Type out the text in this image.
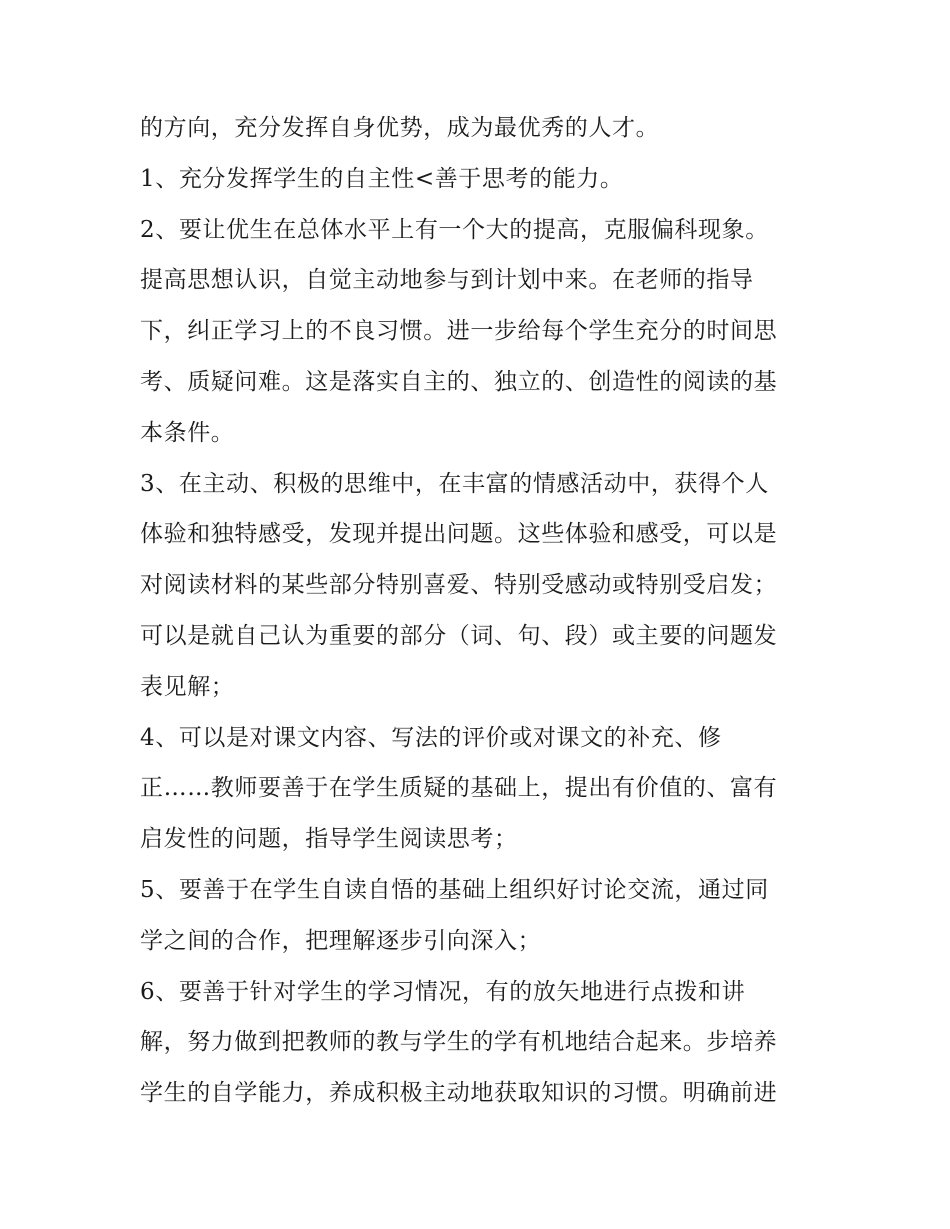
的方向，充分发挥自身优势，成为最优秀的人才。
1、充分发挥学生的自主性<善于思考的能力。
2、要让优生在总体水平上有一个大的提高，克服偏科现象。
提高思想认识，自觉主动地参与到计划中来。在老师的指导
下，纠正学习上的不良习惯。进一步给每个学生充分的时间思
考、质疑问难。这是落实自主的、独立的、创造性的阅读的基
本条件。
3、在主动、积极的思维中，在丰富的情感活动中，获得个人
体验和独特感受，发现并提出问题。这些体验和感受，可以是
对阅读材料的某些部分特别喜爱、特别受感动或特别受启发；
可以是就自己认为重要的部分（词、句、段）或主要的问题发
表见解；
4、可以是对课文内容、写法的评价或对课文的补充、修
正……教师要善于在学生质疑的基础上，提出有价值的、富有
启发性的问题，指导学生阅读思考；
5、要善于在学生自读自悟的基础上组织好讨论交流，通过同
学之间的合作，把理解逐步引向深入；
6、要善于针对学生的学习情况，有的放矢地进行点拨和讲
解，努力做到把教师的教与学生的学有机地结合起来。步培养
学生的自学能力，养成积极主动地获取知识的习惯。明确前进
